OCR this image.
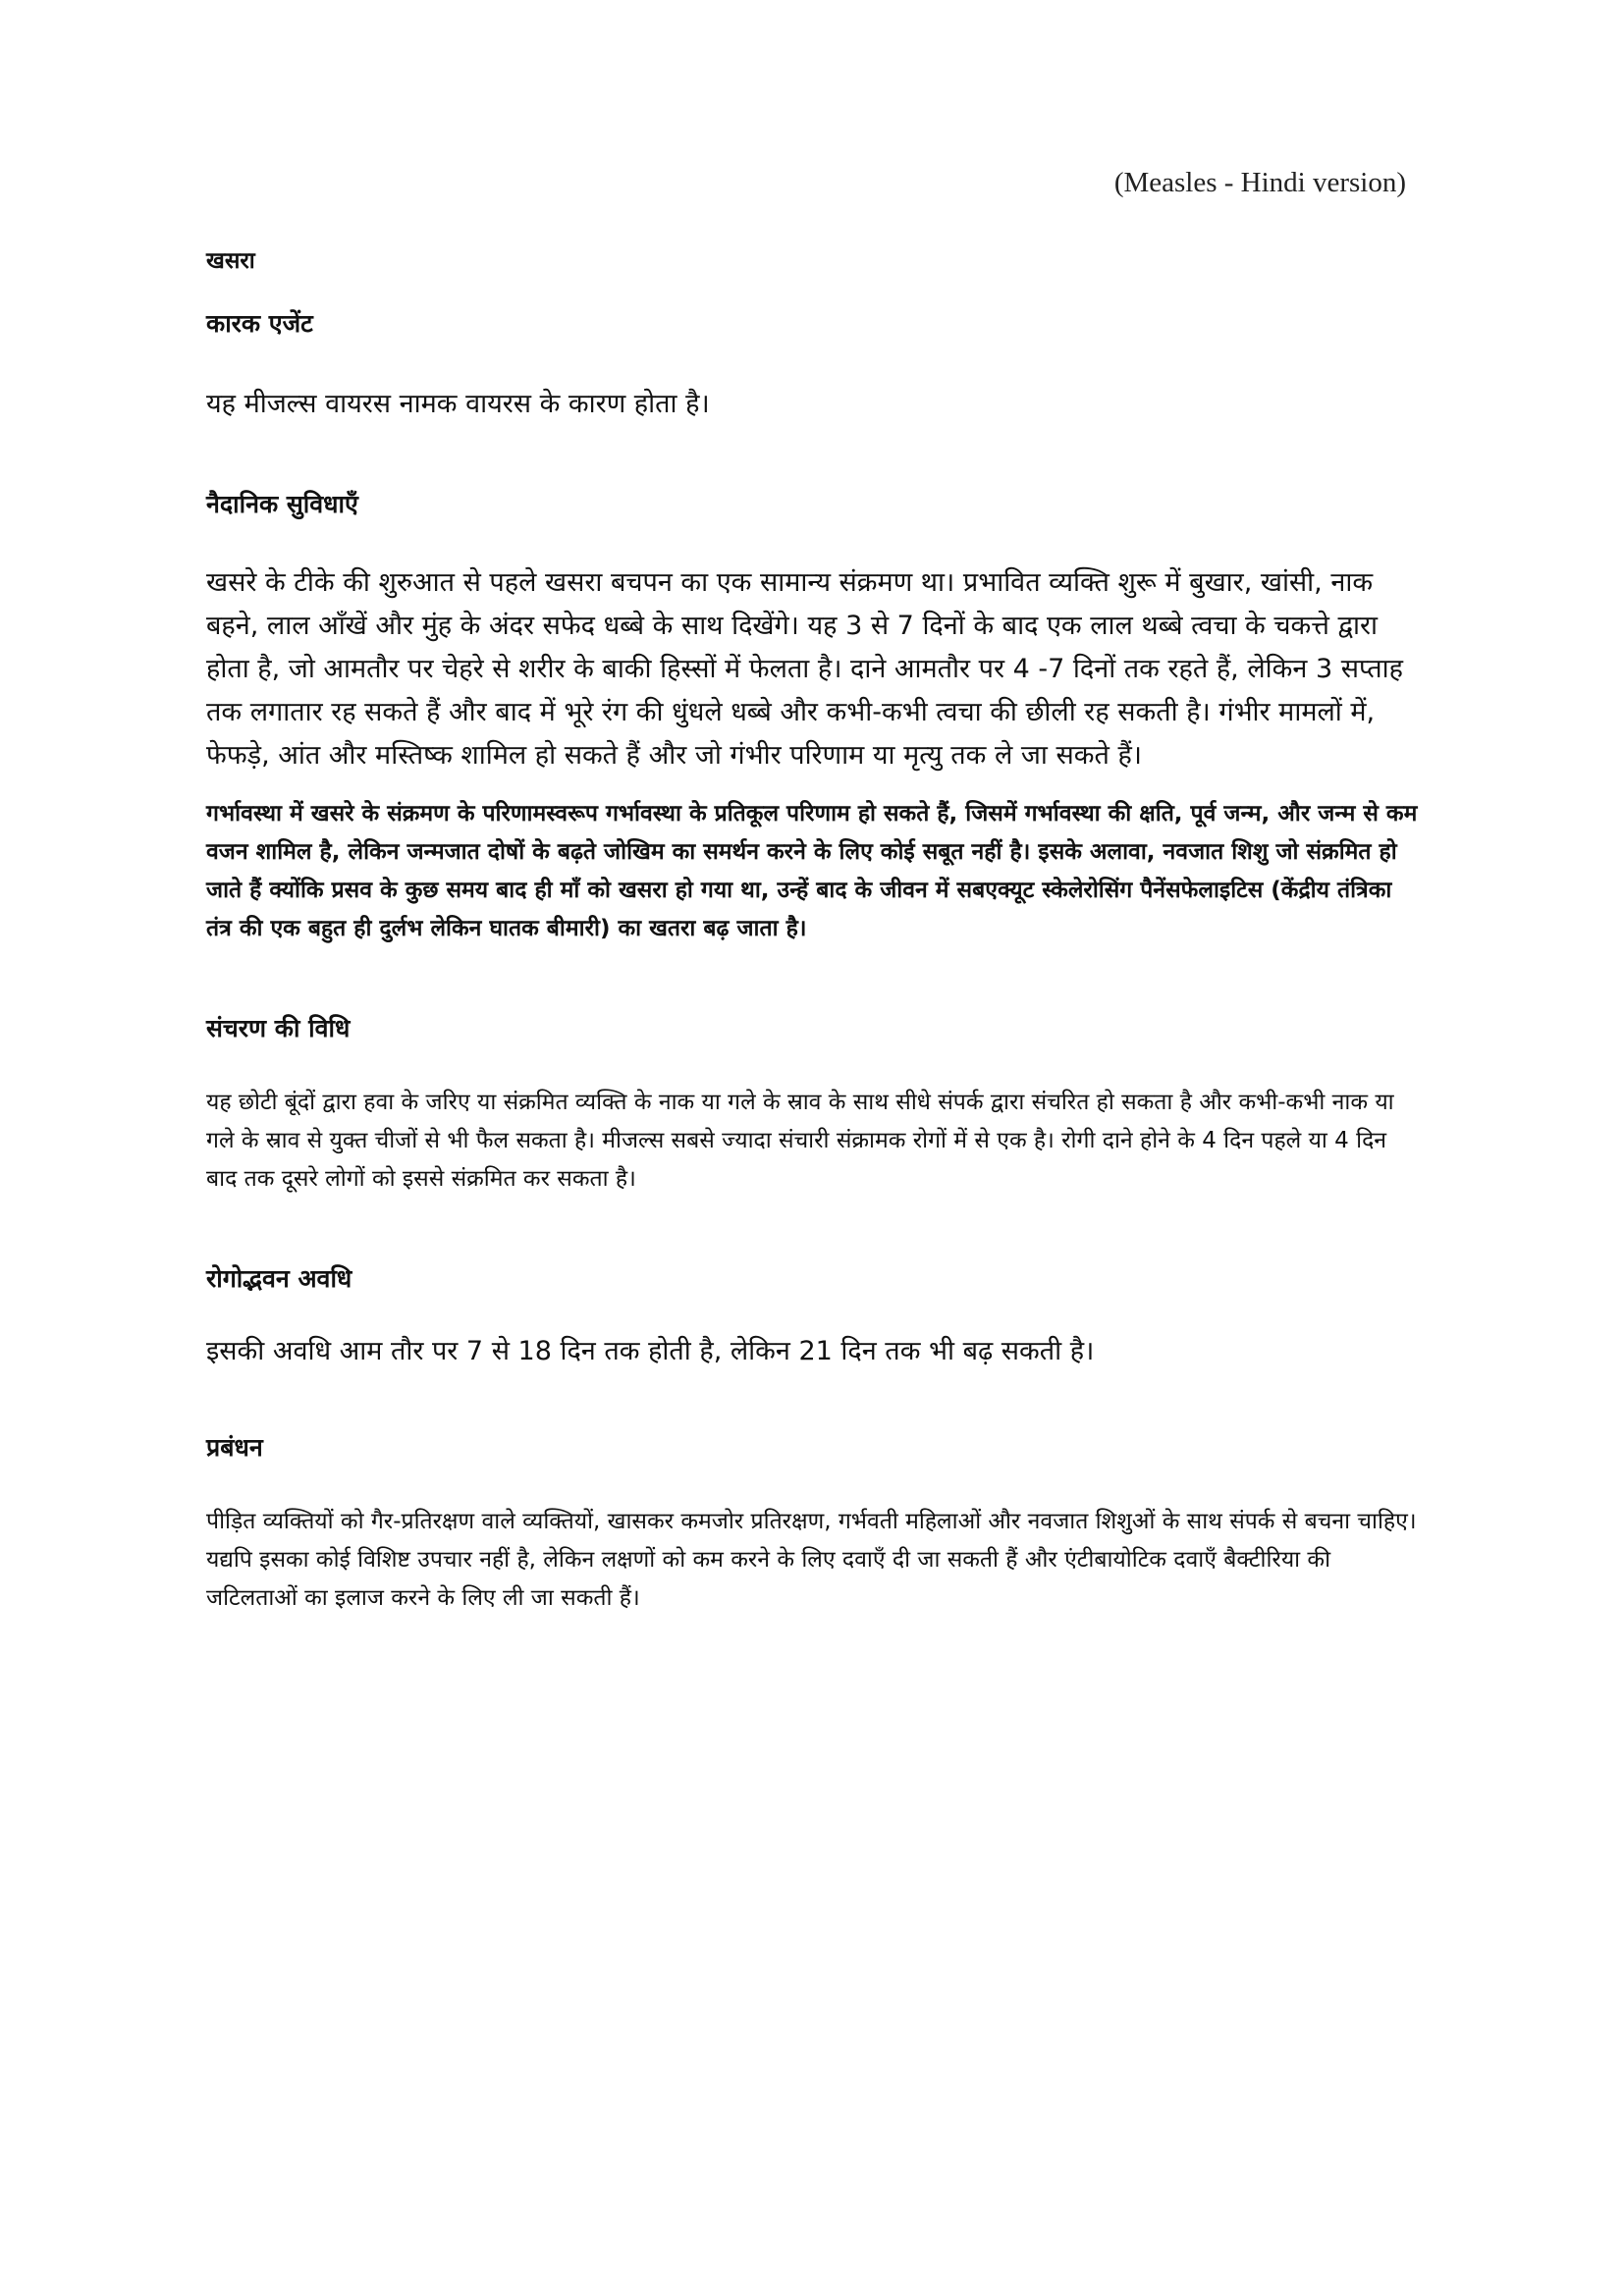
(Measles - Hindi version)
खसरा
कारक एजेंट

यह मीजल्स वायरस नामक वायरस के कारण होता है।

नैदानिक सुविधाएँ

खसरे के टीके की शुरुआत से पहले खसरा बचपन का एक सामान्य संक्रमण था। प्रभावित व्यक्ति शुरू में बुखार, खांसी, नाक बहने, लाल आँखें और मुंह के अंदर सफेद धब्बे के साथ दिखेंगे। यह 3 से 7 दिनों के बाद एक लाल थब्बे त्वचा के चकत्ते द्वारा होता है, जो आमतौर पर चेहरे से शरीर के बाकी हिस्सों में फेलता है। दाने आमतौर पर 4 -7 दिनों तक रहते हैं, लेकिन 3 सप्ताह तक लगातार रह सकते हैं और बाद में भूरे रंग की धुंधले धब्बे और कभी-कभी त्वचा की छीली रह सकती है। गंभीर मामलों में, फेफड़े, आंत और मस्तिष्क शामिल हो सकते हैं और जो गंभीर परिणाम या मृत्यु तक ले जा सकते हैं।

गर्भावस्था में खसरे के संक्रमण के परिणामस्वरूप गर्भावस्था के प्रतिकूल परिणाम हो सकते हैं, जिसमें गर्भावस्था की क्षति, पूर्व जन्म, और जन्म से कम वजन शामिल है, लेकिन जन्मजात दोषों के बढ़ते जोखिम का समर्थन करने के लिए कोई सबूत नहीं है। इसके अलावा, नवजात शिशु जो संक्रमित हो जाते हैं क्योंकि प्रसव के कुछ समय बाद ही माँ को खसरा हो गया था, उन्हें बाद के जीवन में सबएक्यूट स्केलेरोसिंग पैनेंसफेलाइटिस (केंद्रीय तंत्रिका तंत्र की एक बहुत ही दुर्लभ लेकिन घातक बीमारी) का खतरा बढ़ जाता है।

संचरण की विधि

यह छोटी बूंदों द्वारा हवा के जरिए या संक्रमित व्यक्ति के नाक या गले के स्राव के साथ सीधे संपर्क द्वारा संचरित हो सकता है और कभी-कभी नाक या गले के स्राव से युक्त चीजों से भी फैल सकता है। मीजल्स सबसे ज्यादा संचारी संक्रामक रोगों में से एक है। रोगी दाने होने के 4 दिन पहले या 4 दिन बाद तक दूसरे लोगों को इससे संक्रमित कर सकता है।

रोगोद्भवन अवधि

इसकी अवधि आम तौर पर 7 से 18 दिन तक होती है, लेकिन 21 दिन तक भी बढ़ सकती है।

प्रबंधन

पीड़ित व्यक्तियों को गैर-प्रतिरक्षण वाले व्यक्तियों, खासकर कमजोर प्रतिरक्षण, गर्भवती महिलाओं और नवजात शिशुओं के साथ संपर्क से बचना चाहिए। यद्यपि इसका कोई विशिष्ट उपचार नहीं है, लेकिन लक्षणों को कम करने के लिए दवाएँ दी जा सकती हैं और एंटीबायोटिक दवाएँ बैक्टीरिया की जटिलताओं का इलाज करने के लिए ली जा सकती हैं।
